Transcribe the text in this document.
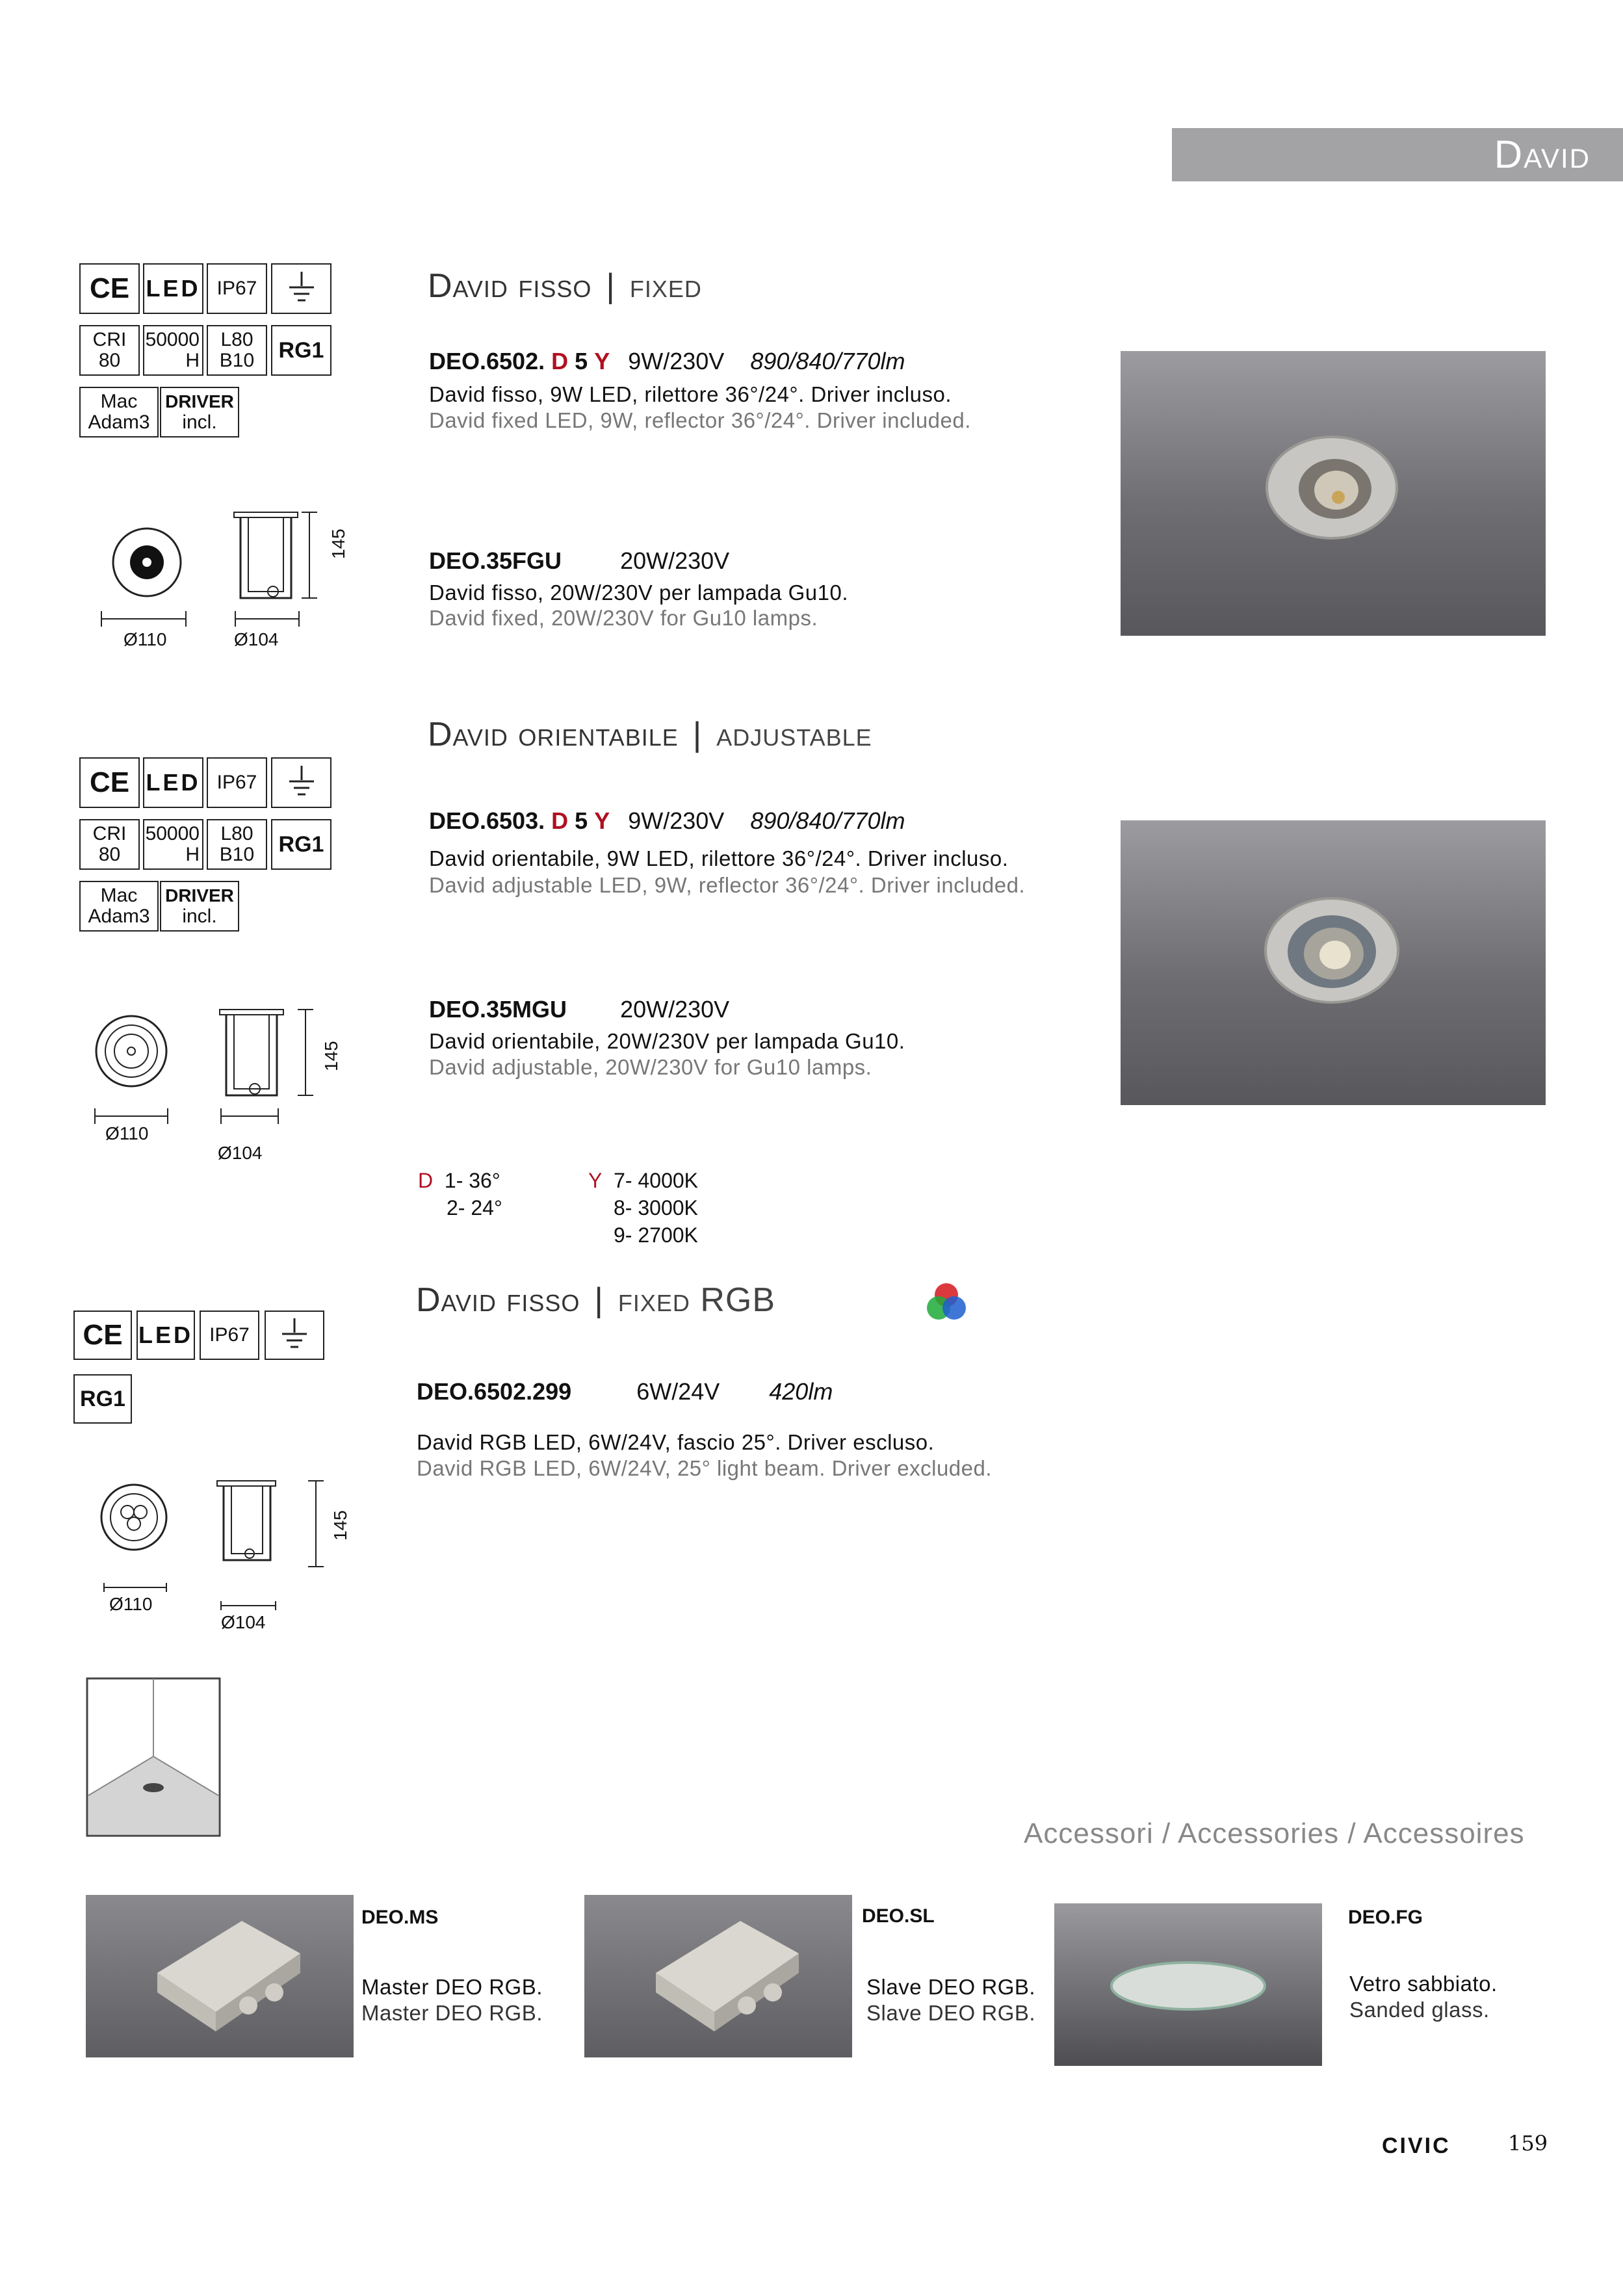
David
CE LED IP67
CRI
80
50000
H
L80
B10	RG1
Mac
Adam3
DRIVER
incl.
Ø110	Ø104
145
David fisso | fixed
DEO.6502. D 5 Y 9W/230V 890/840/770lm
David fisso, 9W LED, rilettore 36°/24°. Driver incluso.
David fixed LED, 9W, reflector 36°/24°. Driver included.
DEO.35FGU	20W/230V
David fisso, 20W/230V per lampada Gu10.
David fixed, 20W/230V for Gu10 lamps.
CE LED IP67
CRI
80
50000
H
L80
B10	RG1
Mac
Adam3
DRIVER
incl.
Ø110
Ø104
145
David orientabile | adjustable
DEO.6503. D 5 Y 9W/230V 890/840/770lm
David orientabile, 9W LED, rilettore 36°/24°. Driver incluso.
David adjustable LED, 9W, reflector 36°/24°. Driver included.
DEO.35MGU 20W/230V
David orientabile, 20W/230V per lampada Gu10.
David adjustable, 20W/230V for Gu10 lamps.
D 1- 36°
2- 24°
Y 7- 4000K
8- 3000K
9- 2700K
CE LED IP67
RG1
Ø110
Ø104
145
David fisso | fixed RGB
DEO.6502.299	6W/24V 420lm
David RGB LED, 6W/24V, fascio 25°. Driver escluso.
David RGB LED, 6W/24V, 25° light beam. Driver excluded.
Accessori / Accessories / Accessoires
DEO.MS
Master DEO RGB.
Master DEO RGB.
DEO.SL
Slave DEO RGB.
Slave DEO RGB.
DEO.FG
Vetro sabbiato.
Sanded glass.
CIVIC	159
